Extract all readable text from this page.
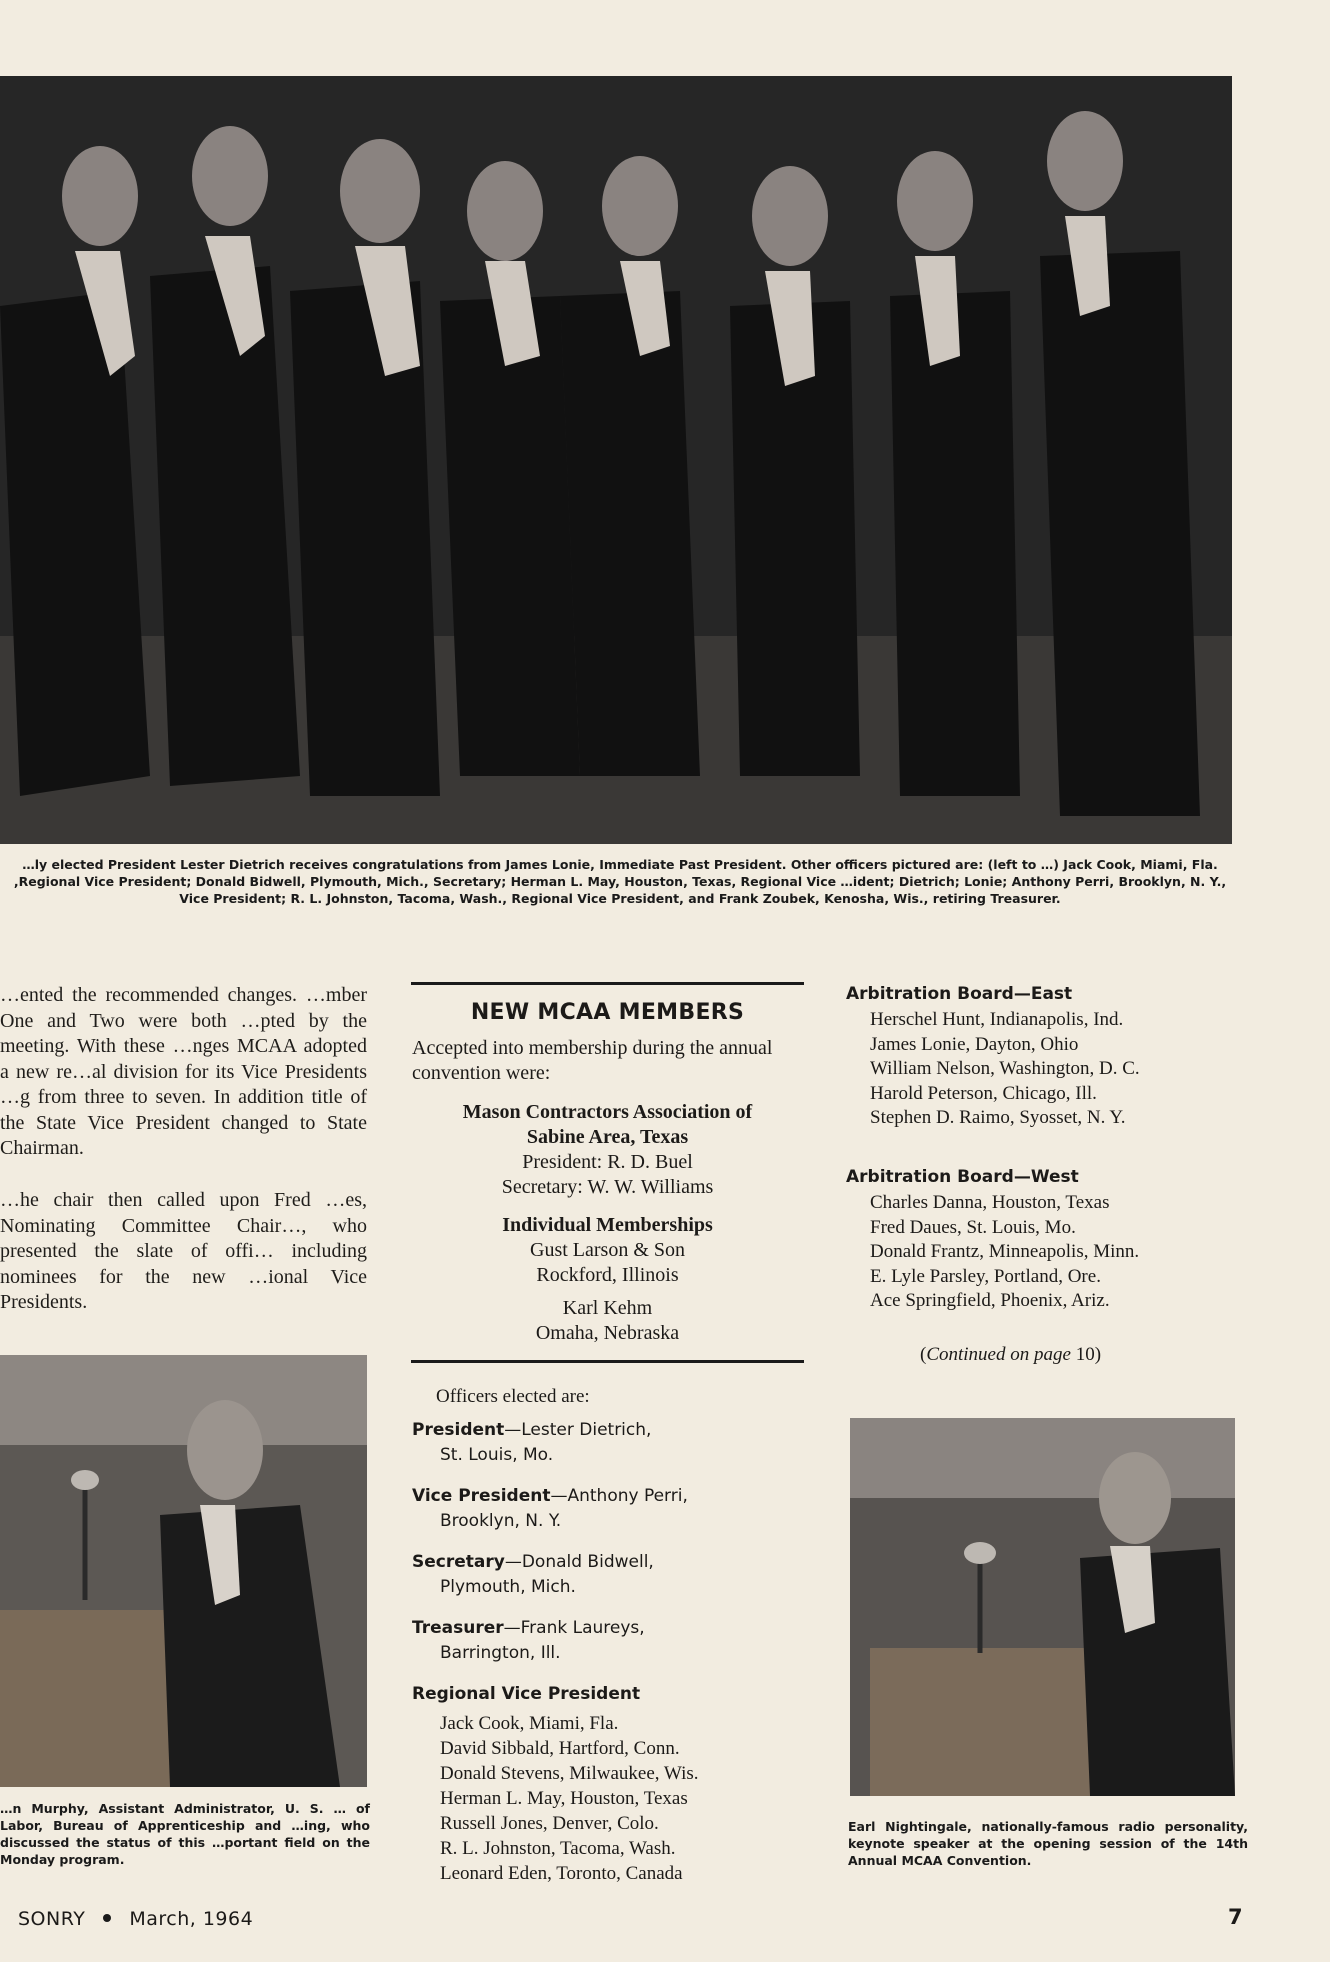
…ly elected President Lester Dietrich receives congratulations from James Lonie, Immediate Past President. Other officers pictured are: (left to …) Jack Cook, Miami, Fla. ,Regional Vice President; Donald Bidwell, Plymouth, Mich., Secretary; Herman L. May, Houston, Texas, Regional Vice …ident; Dietrich; Lonie; Anthony Perri, Brooklyn, N. Y., Vice President; R. L. Johnston, Tacoma, Wash., Regional Vice President, and Frank Zoubek, Kenosha, Wis., retiring Treasurer.
…ented the recommended changes. …mber One and Two were both …pted by the meeting. With these …nges MCAA adopted a new re…al division for its Vice Presidents …g from three to seven. In addition title of the State Vice President changed to State Chairman.
…he chair then called upon Fred …es, Nominating Committee Chair…, who presented the slate of offi… including nominees for the new …ional Vice Presidents.
…n Murphy, Assistant Administrator, U. S. … of Labor, Bureau of Apprenticeship and …ing, who discussed the status of this …portant field on the Monday program.
NEW MCAA MEMBERS
Accepted into membership during the annual convention were:
Mason Contractors Association of
Sabine Area, Texas
President: R. D. Buel
Secretary: W. W. Williams
Individual Memberships
Gust Larson & Son
Rockford, Illinois
Karl Kehm
Omaha, Nebraska
Officers elected are:
President—Lester Dietrich,
St. Louis, Mo.
Vice President—Anthony Perri,
Brooklyn, N. Y.
Secretary—Donald Bidwell,
Plymouth, Mich.
Treasurer—Frank Laureys,
Barrington, Ill.
Regional Vice President
Jack Cook, Miami, Fla.
David Sibbald, Hartford, Conn.
Donald Stevens, Milwaukee, Wis.
Herman L. May, Houston, Texas
Russell Jones, Denver, Colo.
R. L. Johnston, Tacoma, Wash.
Leonard Eden, Toronto, Canada
Arbitration Board—East
Herschel Hunt, Indianapolis, Ind.
James Lonie, Dayton, Ohio
William Nelson, Washington, D. C.
Harold Peterson, Chicago, Ill.
Stephen D. Raimo, Syosset, N. Y.
Arbitration Board—West
Charles Danna, Houston, Texas
Fred Daues, St. Louis, Mo.
Donald Frantz, Minneapolis, Minn.
E. Lyle Parsley, Portland, Ore.
Ace Springfield, Phoenix, Ariz.
(Continued on page 10)
Earl Nightingale, nationally-famous radio personality, keynote speaker at the opening session of the 14th Annual MCAA Convention.
SONRY March, 1964	7
